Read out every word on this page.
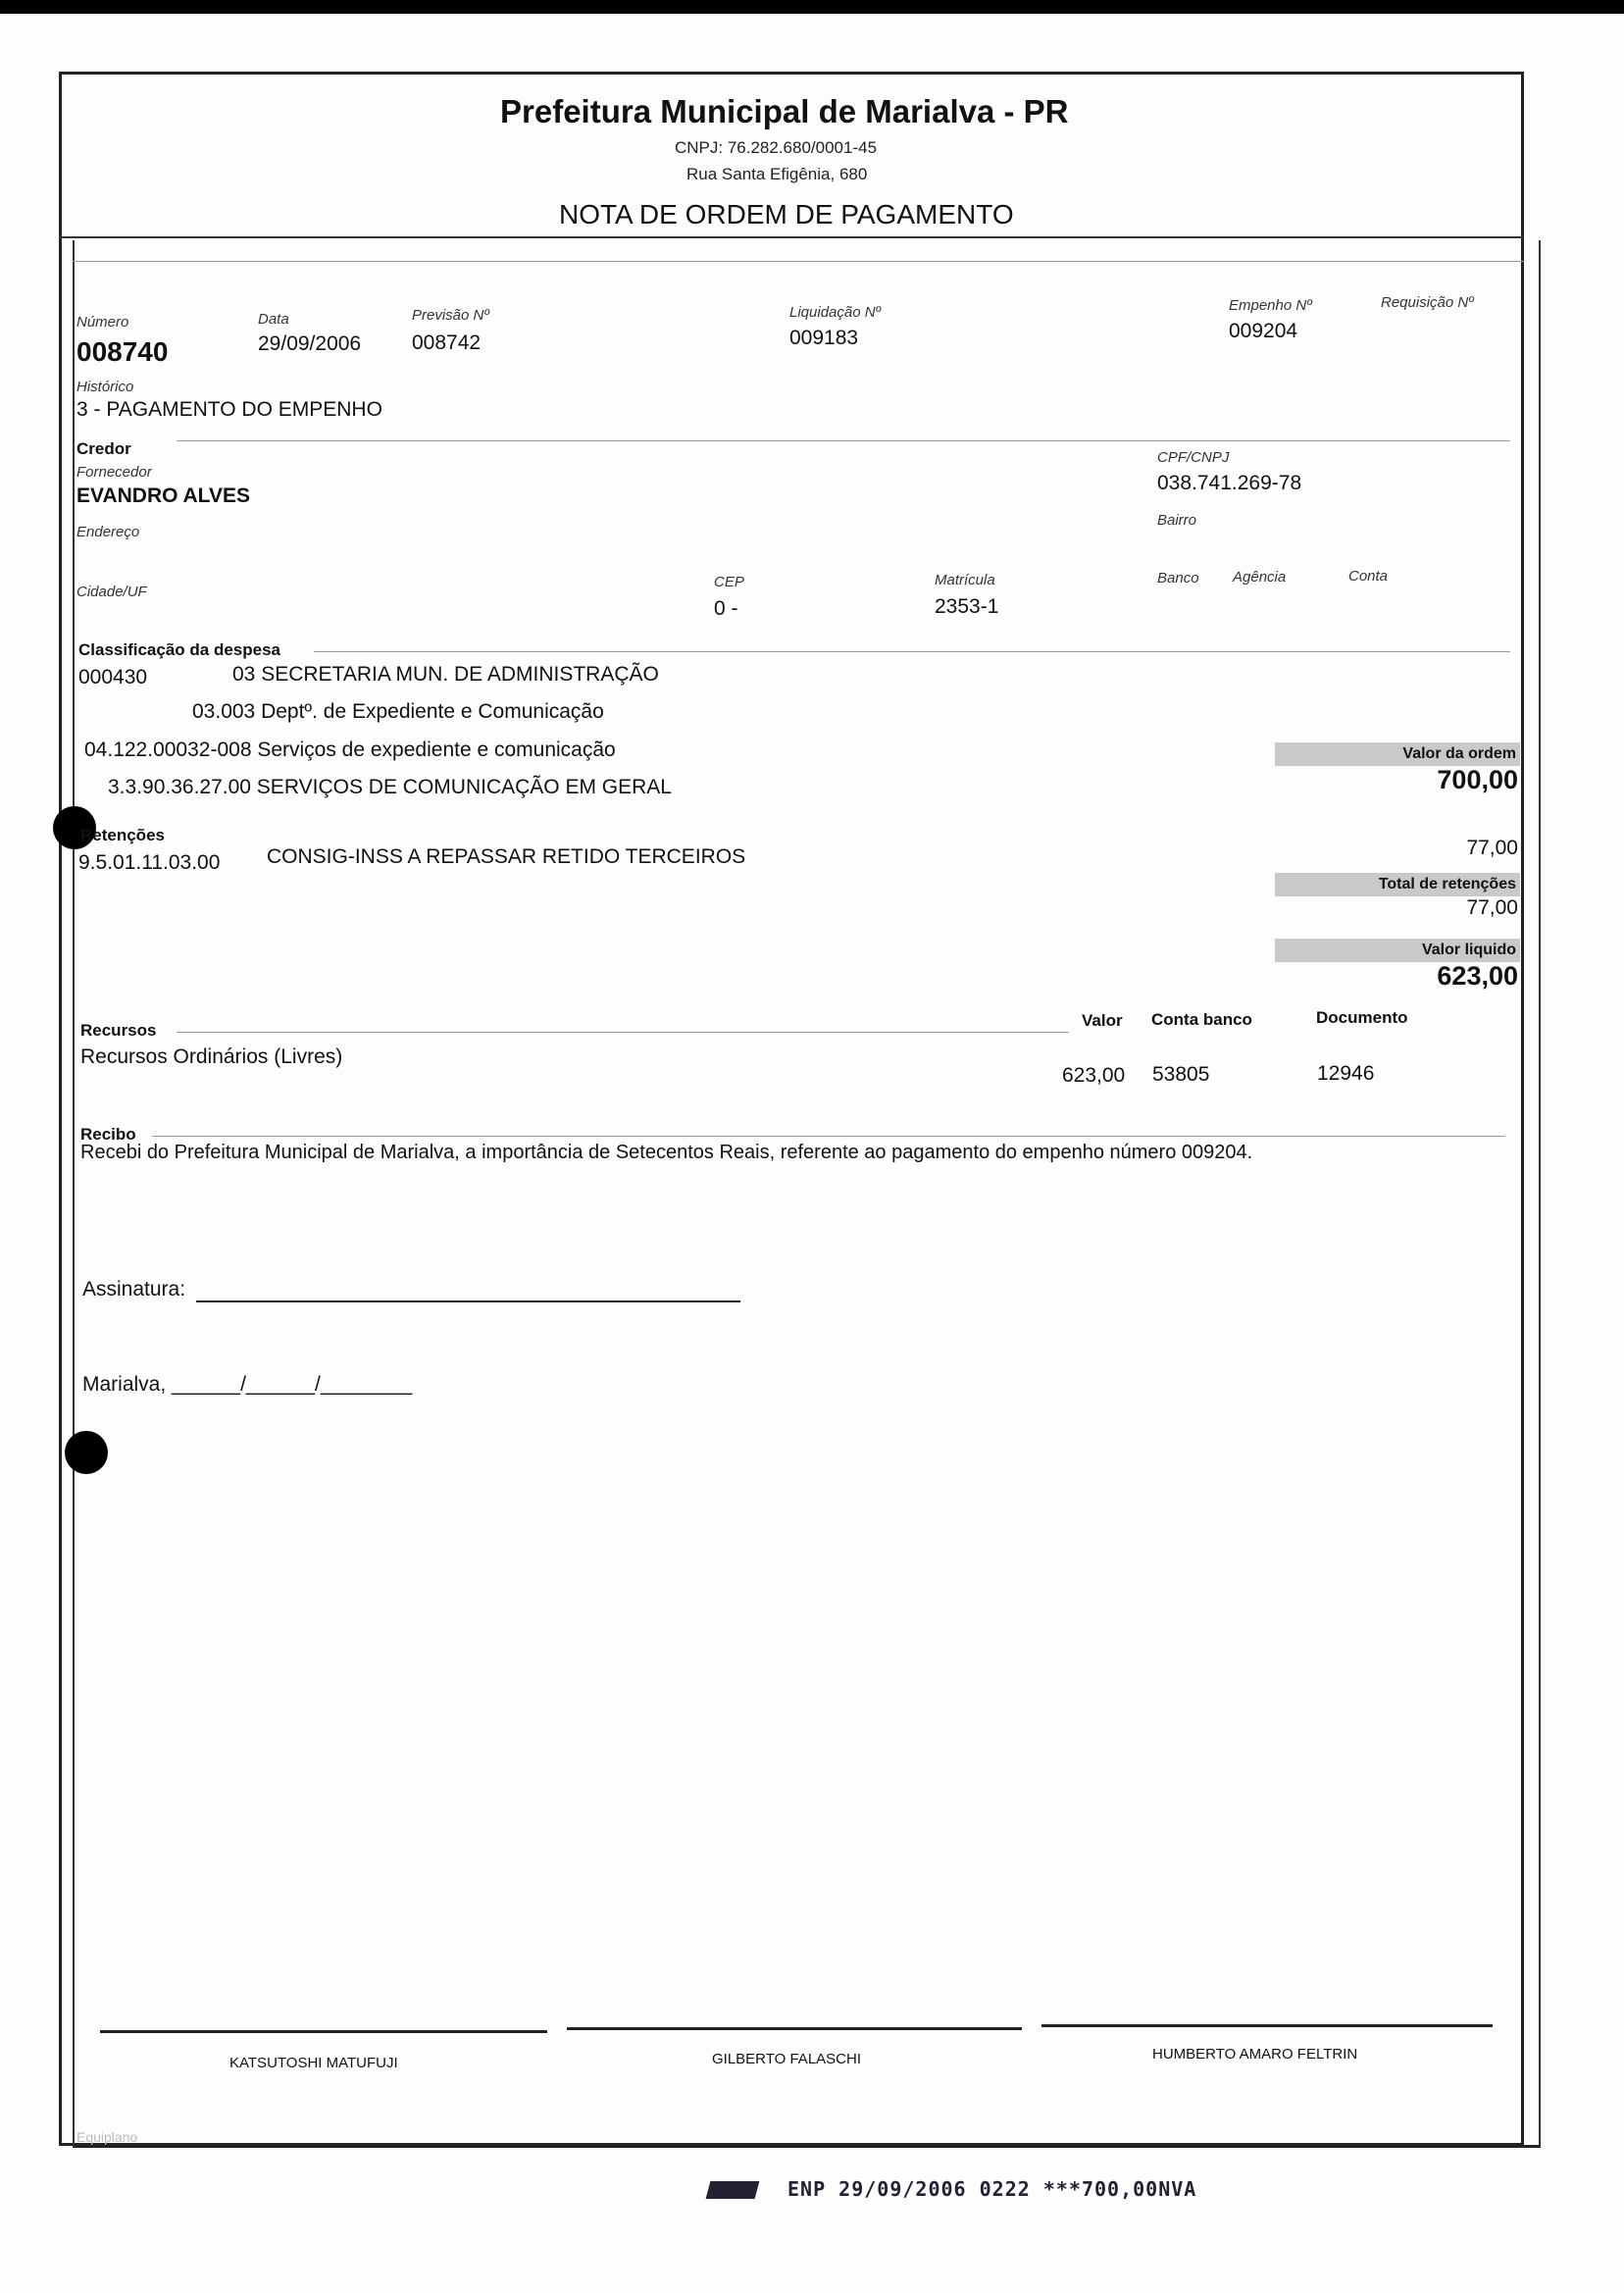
Prefeitura Municipal de Marialva - PR
CNPJ: 76.282.680/0001-45
Rua Santa Efigênia, 680
NOTA DE ORDEM DE PAGAMENTO
Número
008740
Data
29/09/2006
Previsão Nº
008742
Liquidação Nº
009183
Empenho Nº
009204
Requisição Nº
Histórico
3 - PAGAMENTO DO EMPENHO
Credor
Fornecedor
EVANDRO ALVES
CPF/CNPJ
038.741.269-78
Endereço
Bairro
Cidade/UF
CEP
0 -
Matrícula
2353-1
Banco Agência	Conta
Classificação da despesa
000430	03 SECRETARIA MUN. DE ADMINISTRAÇÃO
03.003 Deptº. de Expediente e Comunicação
04.122.00032-008 Serviços de expediente e comunicação
3.3.90.36.27.00 SERVIÇOS DE COMUNICAÇÃO EM GERAL
Valor da ordem
700,00
Retenções
9.5.01.11.03.00 CONSIG-INSS A REPASSAR RETIDO TERCEIROS	77,00
Total de retenções
77,00
Valor liquido
623,00
Recursos
Valor Conta banco	Documento
Recursos Ordinários (Livres)
623,00 53805	12946
Recibo
Recebi do Prefeitura Municipal de Marialva, a importância de Setecentos Reais, referente ao pagamento do empenho número 009204.
Assinatura:
Marialva, ______/______/________
KATSUTOSHI MATUFUJI	GILBERTO FALASCHI	HUMBERTO AMARO FELTRIN
Equiplano
ENP 29/09/2006 0222 ***700,00NVA
